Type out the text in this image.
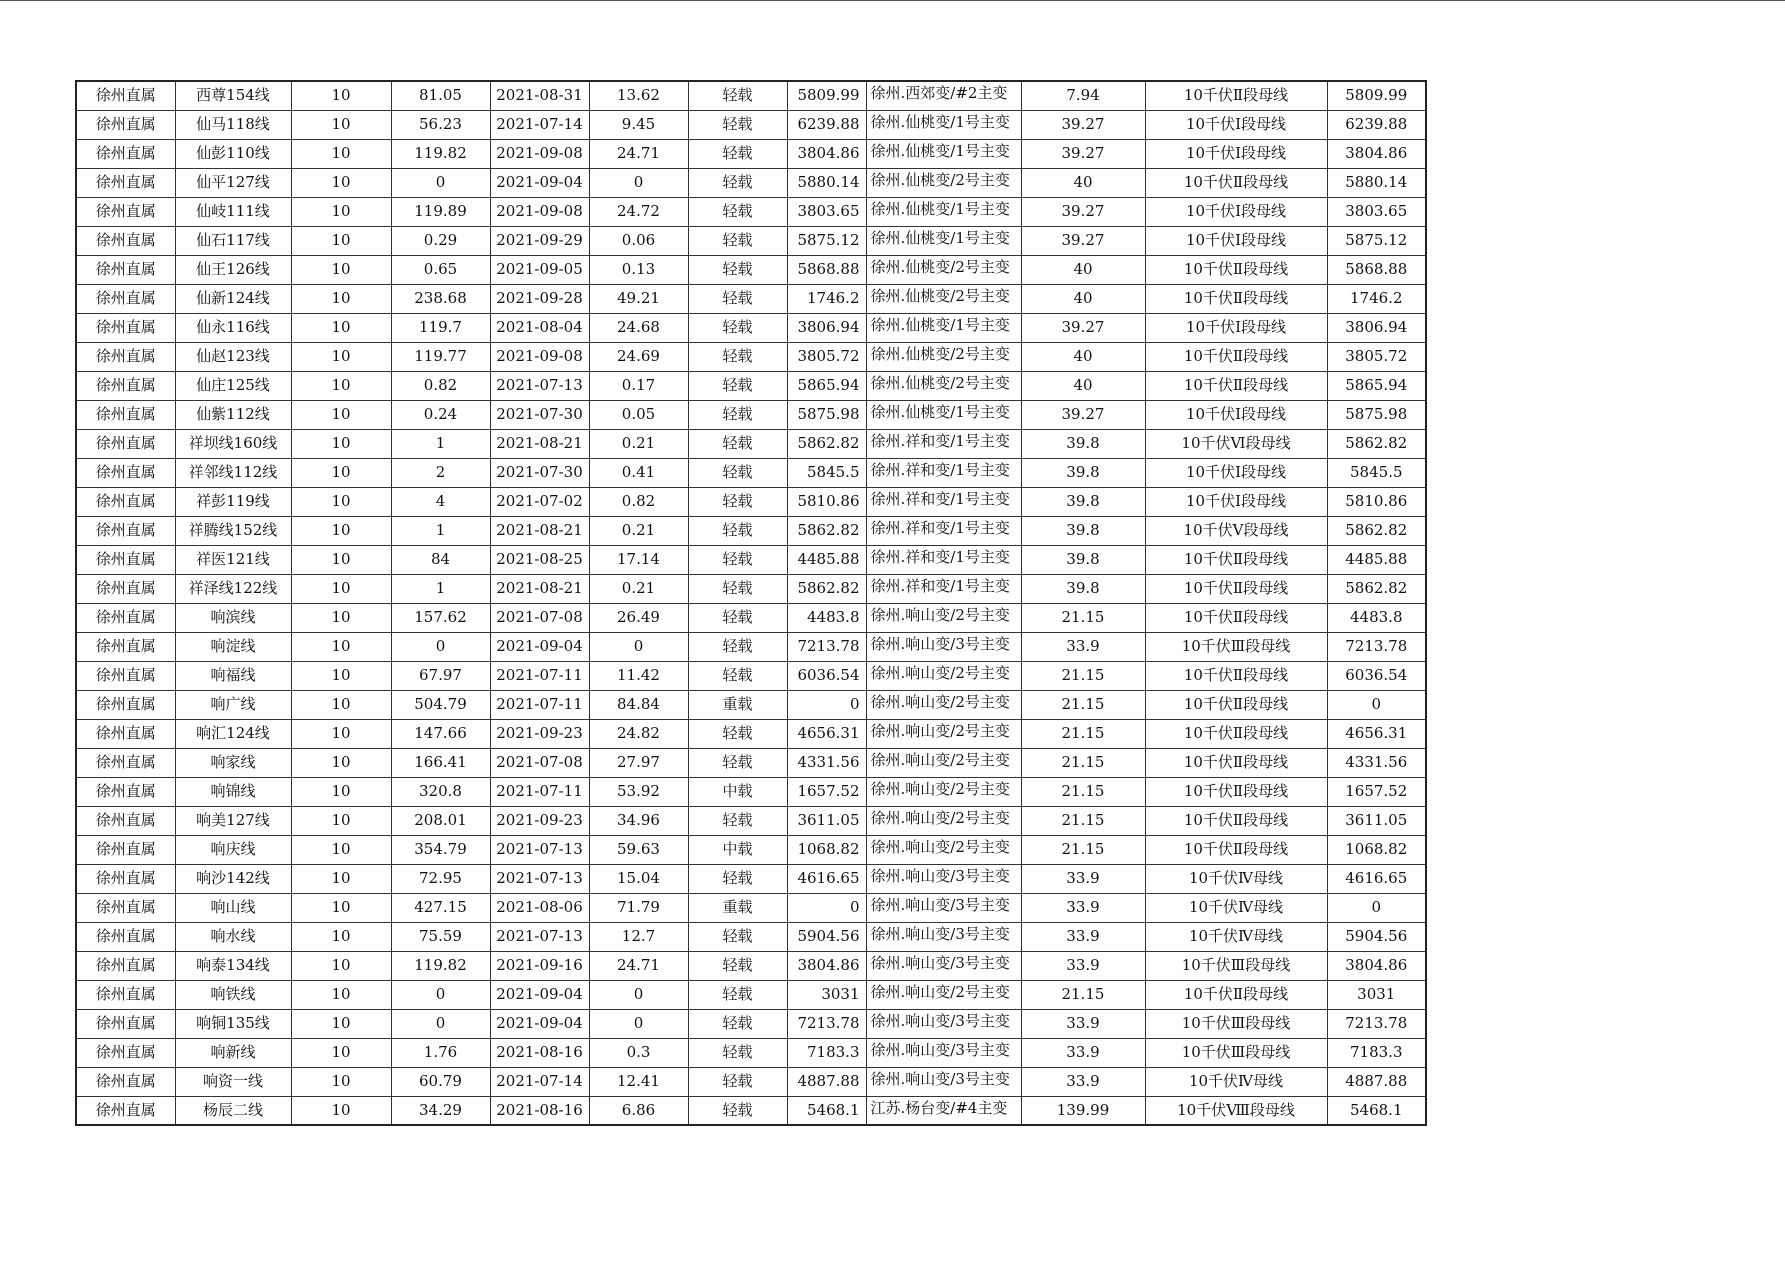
徐州直属	西尊154线	10	81.05	2021-08-31	13.62	轻载	5809.99	徐州.西郊变/#2主变	7.94	10千伏Ⅱ段母线	5809.99
徐州直属	仙马118线	10	56.23	2021-07-14	9.45	轻载	6239.88	徐州.仙桃变/1号主变	39.27	10千伏Ⅰ段母线	6239.88
徐州直属	仙彭110线	10	119.82	2021-09-08	24.71	轻载	3804.86	徐州.仙桃变/1号主变	39.27	10千伏Ⅰ段母线	3804.86
徐州直属	仙平127线	10	0	2021-09-04	0	轻载	5880.14	徐州.仙桃变/2号主变	40	10千伏Ⅱ段母线	5880.14
徐州直属	仙岐111线	10	119.89	2021-09-08	24.72	轻载	3803.65	徐州.仙桃变/1号主变	39.27	10千伏Ⅰ段母线	3803.65
徐州直属	仙石117线	10	0.29	2021-09-29	0.06	轻载	5875.12	徐州.仙桃变/1号主变	39.27	10千伏Ⅰ段母线	5875.12
徐州直属	仙王126线	10	0.65	2021-09-05	0.13	轻载	5868.88	徐州.仙桃变/2号主变	40	10千伏Ⅱ段母线	5868.88
徐州直属	仙新124线	10	238.68	2021-09-28	49.21	轻载	1746.2	徐州.仙桃变/2号主变	40	10千伏Ⅱ段母线	1746.2
徐州直属	仙永116线	10	119.7	2021-08-04	24.68	轻载	3806.94	徐州.仙桃变/1号主变	39.27	10千伏Ⅰ段母线	3806.94
徐州直属	仙赵123线	10	119.77	2021-09-08	24.69	轻载	3805.72	徐州.仙桃变/2号主变	40	10千伏Ⅱ段母线	3805.72
徐州直属	仙庄125线	10	0.82	2021-07-13	0.17	轻载	5865.94	徐州.仙桃变/2号主变	40	10千伏Ⅱ段母线	5865.94
徐州直属	仙紫112线	10	0.24	2021-07-30	0.05	轻载	5875.98	徐州.仙桃变/1号主变	39.27	10千伏Ⅰ段母线	5875.98
徐州直属	祥坝线160线	10	1	2021-08-21	0.21	轻载	5862.82	徐州.祥和变/1号主变	39.8	10千伏Ⅵ段母线	5862.82
徐州直属	祥邻线112线	10	2	2021-07-30	0.41	轻载	5845.5	徐州.祥和变/1号主变	39.8	10千伏Ⅰ段母线	5845.5
徐州直属	祥彭119线	10	4	2021-07-02	0.82	轻载	5810.86	徐州.祥和变/1号主变	39.8	10千伏Ⅰ段母线	5810.86
徐州直属	祥腾线152线	10	1	2021-08-21	0.21	轻载	5862.82	徐州.祥和变/1号主变	39.8	10千伏Ⅴ段母线	5862.82
徐州直属	祥医121线	10	84	2021-08-25	17.14	轻载	4485.88	徐州.祥和变/1号主变	39.8	10千伏Ⅱ段母线	4485.88
徐州直属	祥泽线122线	10	1	2021-08-21	0.21	轻载	5862.82	徐州.祥和变/1号主变	39.8	10千伏Ⅱ段母线	5862.82
徐州直属	响滨线	10	157.62	2021-07-08	26.49	轻载	4483.8	徐州.响山变/2号主变	21.15	10千伏Ⅱ段母线	4483.8
徐州直属	响淀线	10	0	2021-09-04	0	轻载	7213.78	徐州.响山变/3号主变	33.9	10千伏Ⅲ段母线	7213.78
徐州直属	响福线	10	67.97	2021-07-11	11.42	轻载	6036.54	徐州.响山变/2号主变	21.15	10千伏Ⅱ段母线	6036.54
徐州直属	响广线	10	504.79	2021-07-11	84.84	重载	0	徐州.响山变/2号主变	21.15	10千伏Ⅱ段母线	0
徐州直属	响汇124线	10	147.66	2021-09-23	24.82	轻载	4656.31	徐州.响山变/2号主变	21.15	10千伏Ⅱ段母线	4656.31
徐州直属	响家线	10	166.41	2021-07-08	27.97	轻载	4331.56	徐州.响山变/2号主变	21.15	10千伏Ⅱ段母线	4331.56
徐州直属	响锦线	10	320.8	2021-07-11	53.92	中载	1657.52	徐州.响山变/2号主变	21.15	10千伏Ⅱ段母线	1657.52
徐州直属	响美127线	10	208.01	2021-09-23	34.96	轻载	3611.05	徐州.响山变/2号主变	21.15	10千伏Ⅱ段母线	3611.05
徐州直属	响庆线	10	354.79	2021-07-13	59.63	中载	1068.82	徐州.响山变/2号主变	21.15	10千伏Ⅱ段母线	1068.82
徐州直属	响沙142线	10	72.95	2021-07-13	15.04	轻载	4616.65	徐州.响山变/3号主变	33.9	10千伏Ⅳ母线	4616.65
徐州直属	响山线	10	427.15	2021-08-06	71.79	重载	0	徐州.响山变/3号主变	33.9	10千伏Ⅳ母线	0
徐州直属	响水线	10	75.59	2021-07-13	12.7	轻载	5904.56	徐州.响山变/3号主变	33.9	10千伏Ⅳ母线	5904.56
徐州直属	响泰134线	10	119.82	2021-09-16	24.71	轻载	3804.86	徐州.响山变/3号主变	33.9	10千伏Ⅲ段母线	3804.86
徐州直属	响铁线	10	0	2021-09-04	0	轻载	3031	徐州.响山变/2号主变	21.15	10千伏Ⅱ段母线	3031
徐州直属	响铜135线	10	0	2021-09-04	0	轻载	7213.78	徐州.响山变/3号主变	33.9	10千伏Ⅲ段母线	7213.78
徐州直属	响新线	10	1.76	2021-08-16	0.3	轻载	7183.3	徐州.响山变/3号主变	33.9	10千伏Ⅲ段母线	7183.3
徐州直属	响资一线	10	60.79	2021-07-14	12.41	轻载	4887.88	徐州.响山变/3号主变	33.9	10千伏Ⅳ母线	4887.88
徐州直属	杨辰二线	10	34.29	2021-08-16	6.86	轻载	5468.1	江苏.杨台变/#4主变	139.99	10千伏Ⅷ段母线	5468.1
